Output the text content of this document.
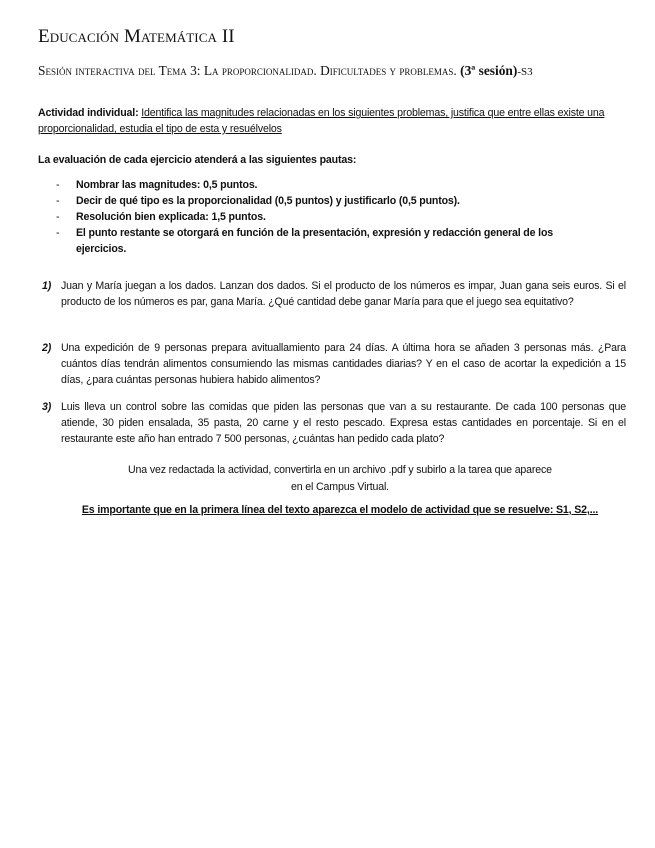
Educación Matemática II
Sesión interactiva del Tema 3: La proporcionalidad. Dificultades y problemas. (3ª sesión)-S3
Actividad individual: Identifica las magnitudes relacionadas en los siguientes problemas, justifica que entre ellas existe una proporcionalidad, estudia el tipo de esta y resuélvelos
La evaluación de cada ejercicio atenderá a las siguientes pautas:
- Nombrar las magnitudes: 0,5 puntos.
- Decir de qué tipo es la proporcionalidad (0,5 puntos) y justificarlo (0,5 puntos).
- Resolución bien explicada: 1,5 puntos.
- El punto restante se otorgará en función de la presentación, expresión y redacción general de los ejercicios.
1) Juan y María juegan a los dados. Lanzan dos dados. Si el producto de los números es impar, Juan gana seis euros. Si el producto de los números es par, gana María. ¿Qué cantidad debe ganar María para que el juego sea equitativo?
2) Una expedición de 9 personas prepara avituallamiento para 24 días. A última hora se añaden 3 personas más. ¿Para cuántos días tendrán alimentos consumiendo las mismas cantidades diarias? Y en el caso de acortar la expedición a 15 días, ¿para cuántas personas hubiera habido alimentos?
3) Luis lleva un control sobre las comidas que piden las personas que van a su restaurante. De cada 100 personas que atiende, 30 piden ensalada, 35 pasta, 20 carne y el resto pescado. Expresa estas cantidades en porcentaje. Si en el restaurante este año han entrado 7 500 personas, ¿cuántas han pedido cada plato?
Una vez redactada la actividad, convertirla en un archivo .pdf y subirlo a la tarea que aparece
en el Campus Virtual.
Es importante que en la primera línea del texto aparezca el modelo de actividad que se resuelve: S1, S2,...
